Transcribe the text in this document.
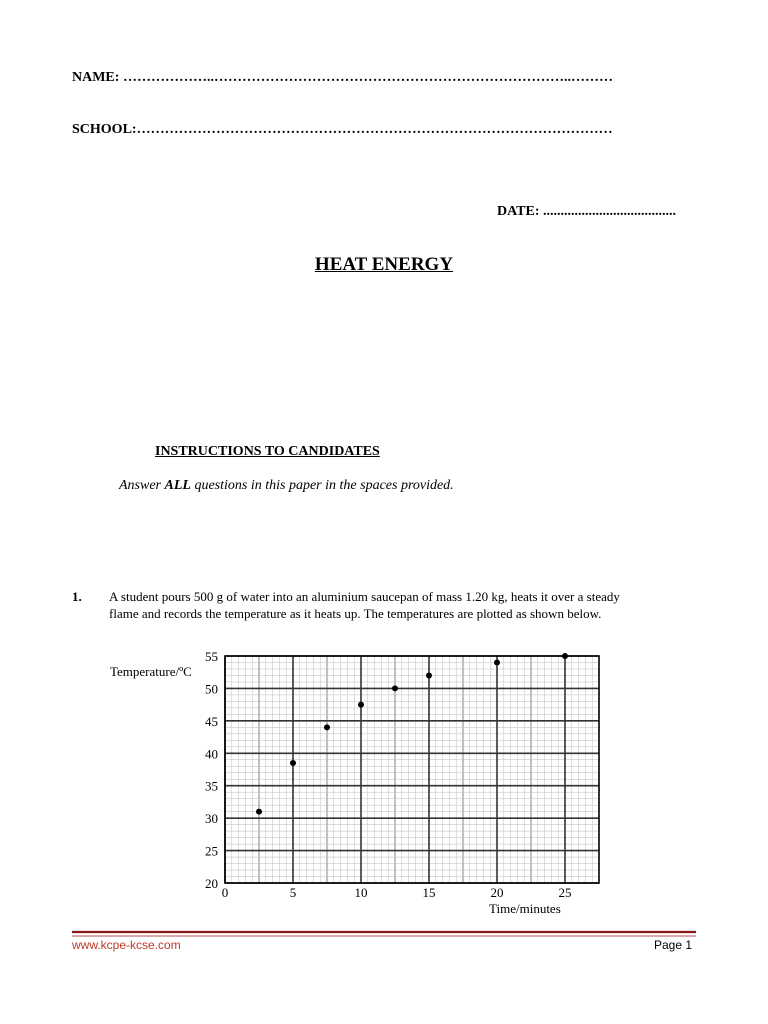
NAME: ………………..…………………………………………………………………..………
SCHOOL:…………………………………………………………………………………………
DATE: ......................................
HEAT ENERGY
INSTRUCTIONS TO CANDIDATES
Answer ALL questions in this paper in the spaces provided.
1. A student pours 500 g of water into an aluminium saucepan of mass 1.20 kg, heats it over a steady flame and records the temperature as it heats up. The temperatures are plotted as shown below.
20
25
30
35
40
45
50
55
0	5	10	15	20	25
Temperature/ºC
Time/minutes
www.kcpe-kcse.com	Page 1
